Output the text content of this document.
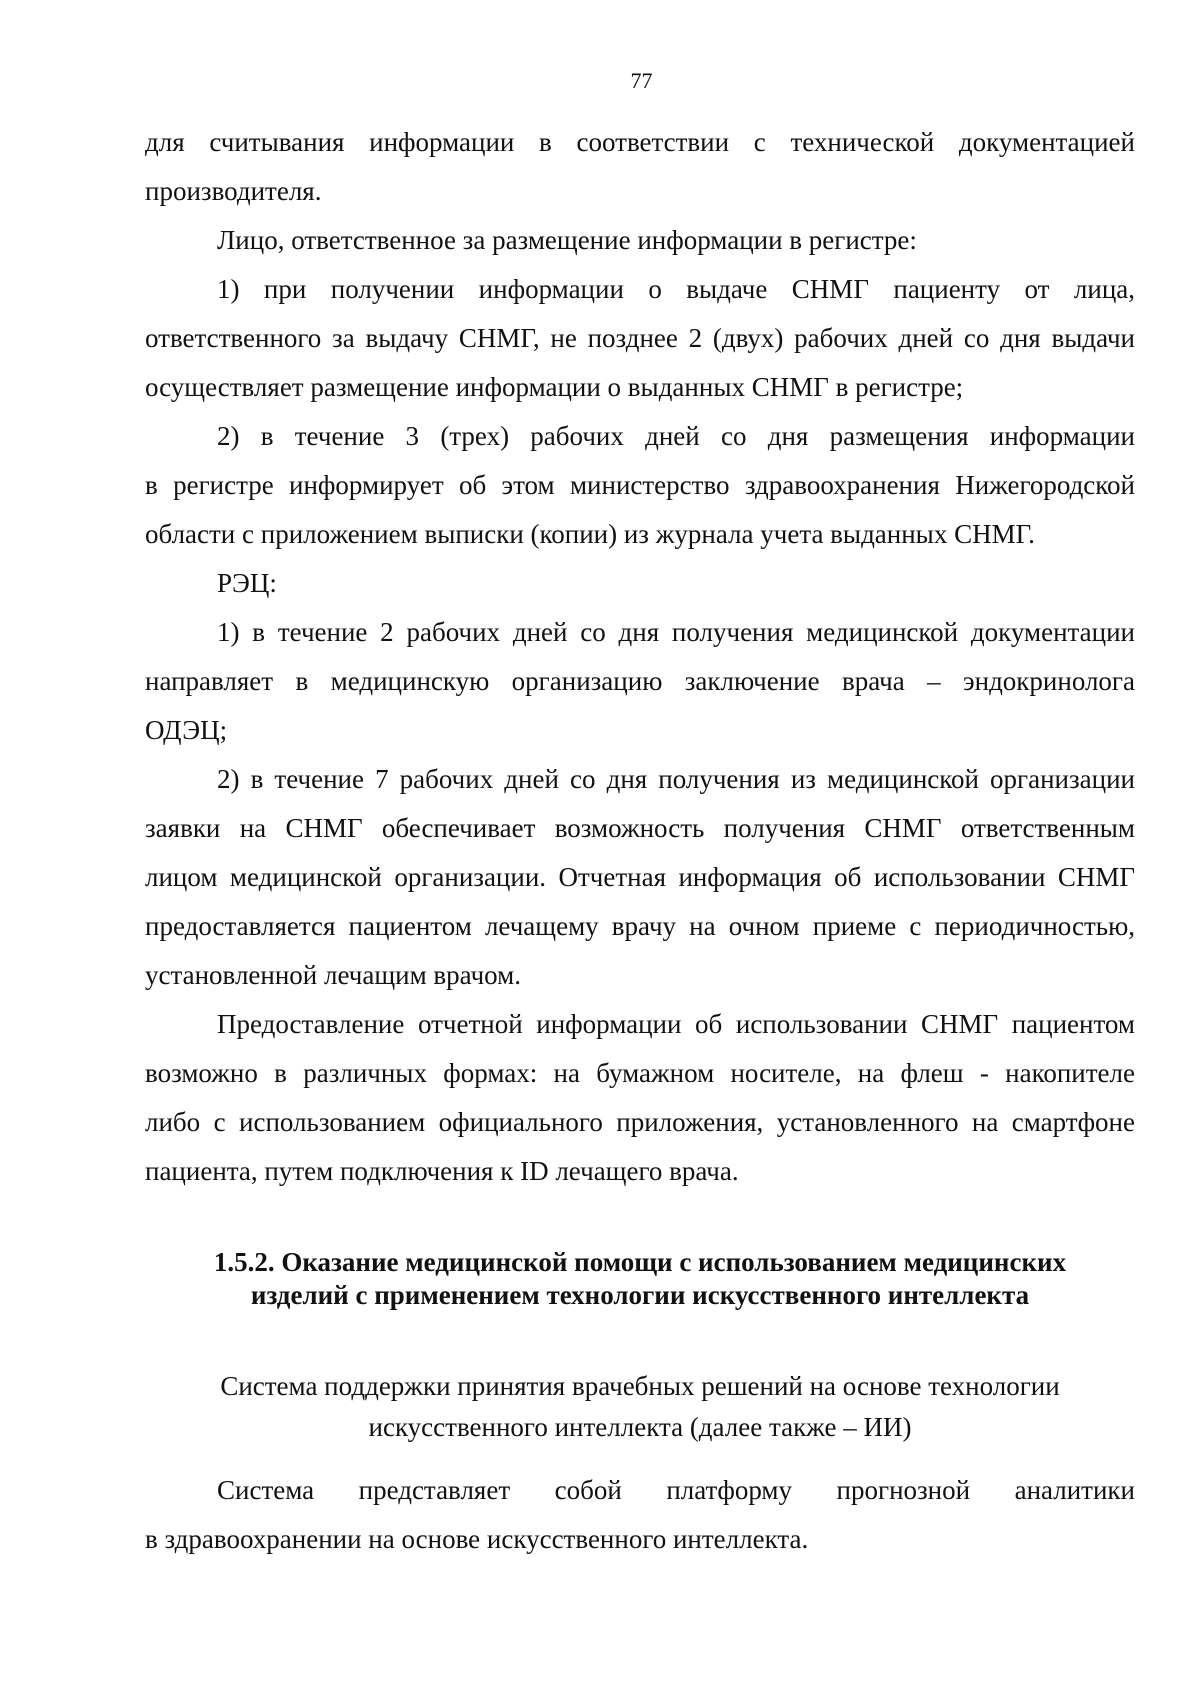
77

для считывания информации в соответствии с технической документацией
производителя.

Лицо, ответственное за размещение информации в регистре:

1) при получении информации о выдаче СНМГ пациенту от лица,
ответственного за выдачу СНМГ, не позднее 2 (двух) рабочих дней со дня выдачи
осуществляет размещение информации о выданных СНМГ в регистре;

2) в течение 3 (трех) рабочих дней со дня размещения информации
в регистре информирует об этом министерство здравоохранения Нижегородской
области с приложением выписки (копии) из журнала учета выданных СНМГ.

РЭЦ:

1) в течение 2 рабочих дней со дня получения медицинской документации
направляет в медицинскую организацию заключение врача – эндокринолога
ОДЭЦ;

2) в течение 7 рабочих дней со дня получения из медицинской организации
заявки на СНМГ обеспечивает возможность получения СНМГ ответственным
лицом медицинской организации. Отчетная информация об использовании СНМГ
предоставляется пациентом лечащему врачу на очном приеме с периодичностью,
установленной лечащим врачом.

Предоставление отчетной информации об использовании СНМГ пациентом
возможно в различных формах: на бумажном носителе, на флеш - накопителе
либо с использованием официального приложения, установленного на смартфоне
пациента, путем подключения к ID лечащего врача.

1.5.2. Оказание медицинской помощи с использованием медицинских
изделий с применением технологии искусственного интеллекта
Система поддержки принятия врачебных решений на основе технологии
искусственного интеллекта (далее также – ИИ)

Система представляет собой платформу прогнозной аналитики
в здравоохранении на основе искусственного интеллекта.
